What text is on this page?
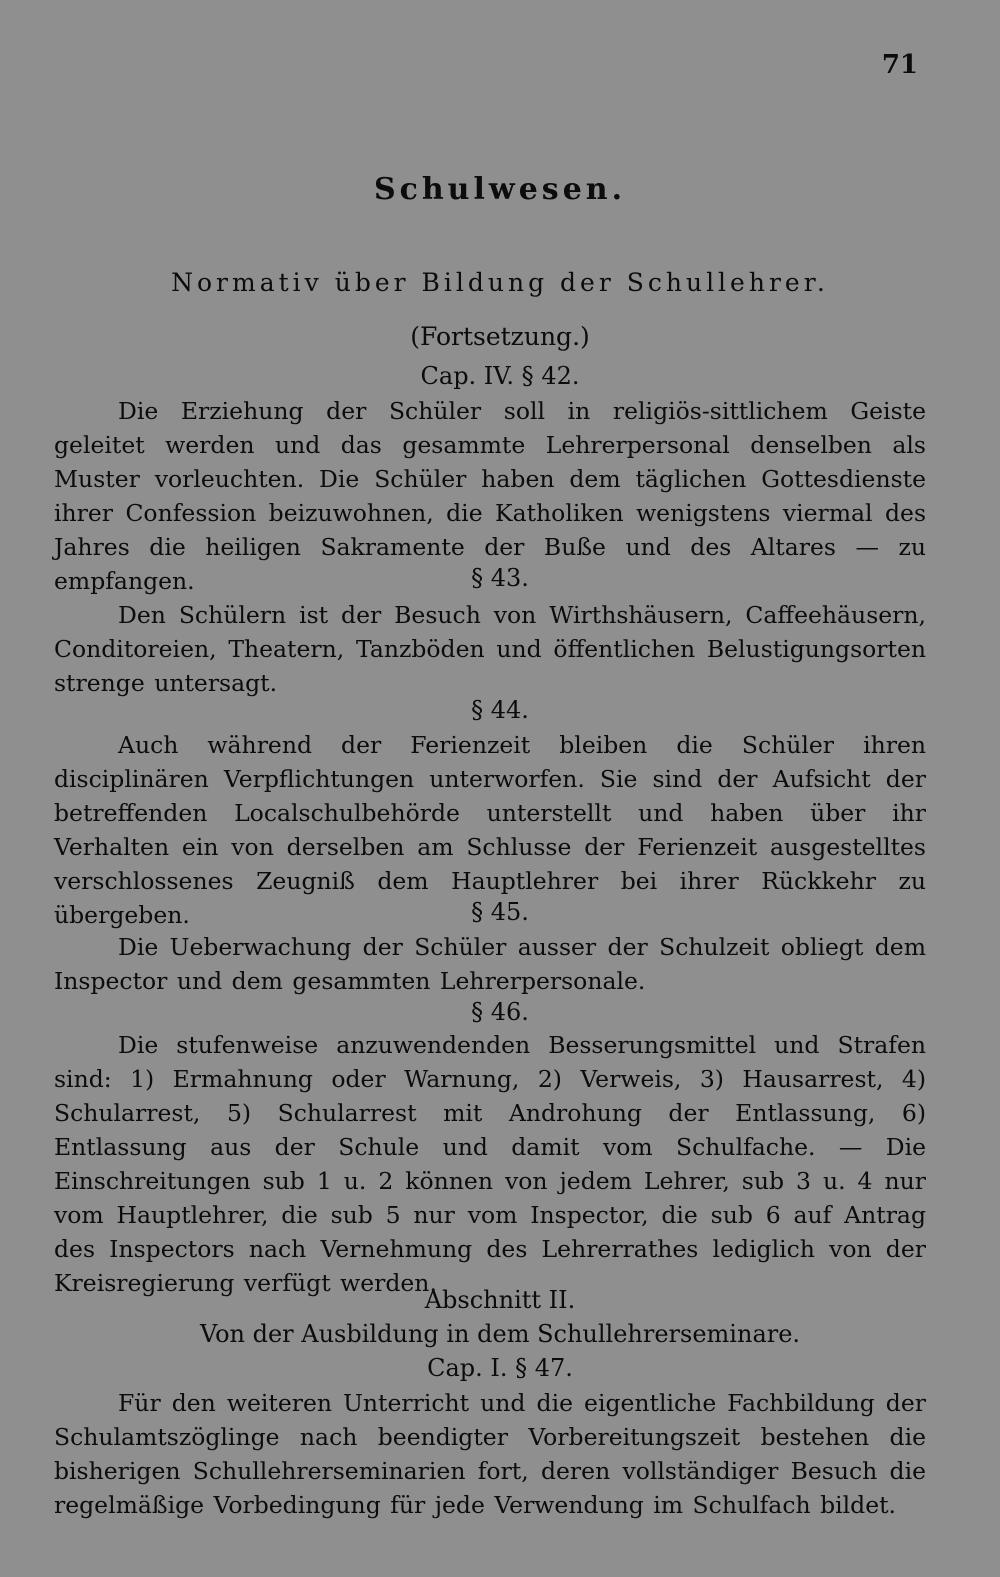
71
Schulwesen.
Normativ über Bildung der Schullehrer.
(Fortsetzung.)
Cap. IV. § 42.
Die Erziehung der Schüler soll in religiös-sittlichem Geiste geleitet werden und das gesammte Lehrerpersonal denselben als Muster vorleuchten. Die Schüler haben dem täglichen Gottesdienste ihrer Confession beizuwohnen, die Katholiken wenigstens viermal des Jahres die heiligen Sakramente der Buße und des Altares — zu empfangen.	§ 43.
Den Schülern ist der Besuch von Wirthshäusern, Caffeehäusern, Conditoreien, Theatern, Tanzböden und öffentlichen Belustigungsorten strenge untersagt.
§ 44.
Auch während der Ferienzeit bleiben die Schüler ihren disciplinären Verpflichtungen unterworfen. Sie sind der Aufsicht der betreffenden Localschulbehörde unterstellt und haben über ihr Verhalten ein von derselben am Schlusse der Ferienzeit ausgestelltes verschlossenes Zeugniß dem Hauptlehrer bei ihrer Rückkehr zu übergeben.	§ 45.
Die Ueberwachung der Schüler ausser der Schulzeit obliegt dem Inspector und dem gesammten Lehrerpersonale.
§ 46.
Die stufenweise anzuwendenden Besserungsmittel und Strafen sind: 1) Ermahnung oder Warnung, 2) Verweis, 3) Hausarrest, 4) Schularrest, 5) Schularrest mit Androhung der Entlassung, 6) Entlassung aus der Schule und damit vom Schulfache. — Die Einschreitungen sub 1 u. 2 können von jedem Lehrer, sub 3 u. 4 nur vom Hauptlehrer, die sub 5 nur vom Inspector, die sub 6 auf Antrag des Inspectors nach Vernehmung des Lehrerrathes lediglich von der Kreisregierung verfügt werden.
Abschnitt II.
Von der Ausbildung in dem Schullehrerseminare.
Cap. I. § 47.
Für den weiteren Unterricht und die eigentliche Fachbildung der Schulamtszöglinge nach beendigter Vorbereitungszeit bestehen die bisherigen Schullehrerseminarien fort, deren vollständiger Besuch die regelmäßige Vorbedingung für jede Verwendung im Schulfach bildet.
